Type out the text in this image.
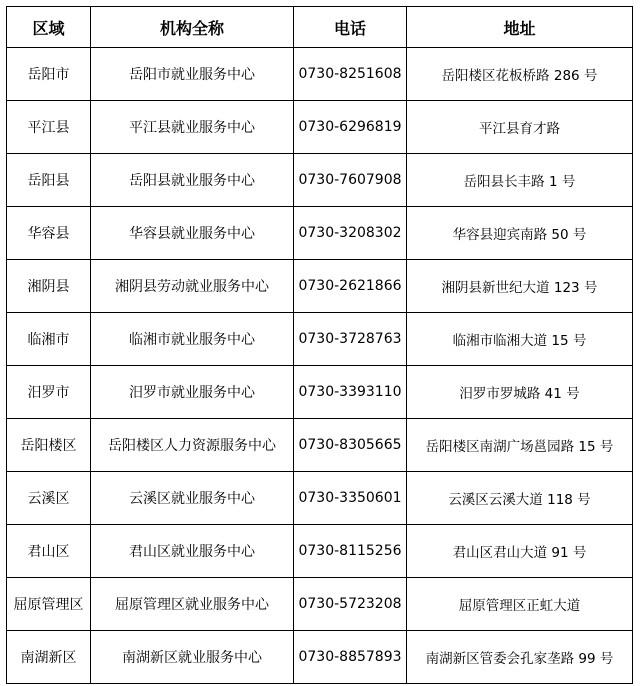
区域	机构全称	电话	地址
岳阳市	岳阳市就业服务中心	0730-8251608	岳阳楼区花板桥路 286 号
平江县	平江县就业服务中心	0730-6296819	平江县育才路
岳阳县	岳阳县就业服务中心	0730-7607908	岳阳县长丰路 1 号
华容县	华容县就业服务中心	0730-3208302	华容县迎宾南路 50 号
湘阴县	湘阴县劳动就业服务中心	0730-2621866	湘阴县新世纪大道 123 号
临湘市	临湘市就业服务中心	0730-3728763	临湘市临湘大道 15 号
汨罗市	汨罗市就业服务中心	0730-3393110	汨罗市罗城路 41 号
岳阳楼区	岳阳楼区人力资源服务中心	0730-8305665	岳阳楼区南湖广场邕园路 15 号
云溪区	云溪区就业服务中心	0730-3350601	云溪区云溪大道 118 号
君山区	君山区就业服务中心	0730-8115256	君山区君山大道 91 号
屈原管理区	屈原管理区就业服务中心	0730-5723208	屈原管理区正虹大道
南湖新区	南湖新区就业服务中心	0730-8857893	南湖新区管委会孔家垄路 99 号
